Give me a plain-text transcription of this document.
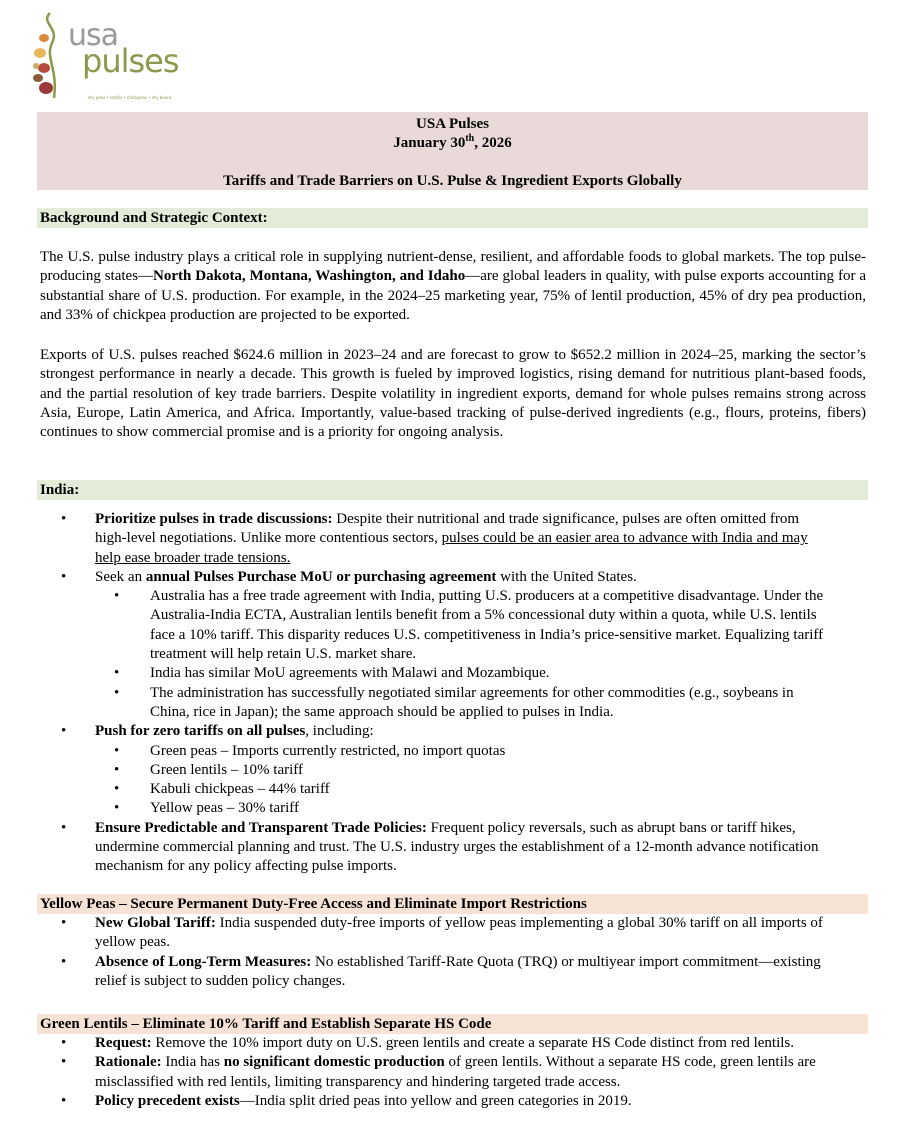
usa
pulses
dry peas • lentils • chickpeas • dry beans
USA Pulses
January 30th, 2026
Tariffs and Trade Barriers on U.S. Pulse & Ingredient Exports Globally
Background and Strategic Context:
The U.S. pulse industry plays a critical role in supplying nutrient-dense, resilient, and affordable foods to global markets. The top pulse-producing states—North Dakota, Montana, Washington, and Idaho—are global leaders in quality, with pulse exports accounting for a substantial share of U.S. production. For example, in the 2024–25 marketing year, 75% of lentil production, 45% of dry pea production, and 33% of chickpea production are projected to be exported.
Exports of U.S. pulses reached $624.6 million in 2023–24 and are forecast to grow to $652.2 million in 2024–25, marking the sector’s strongest performance in nearly a decade. This growth is fueled by improved logistics, rising demand for nutritious plant-based foods, and the partial resolution of key trade barriers. Despite volatility in ingredient exports, demand for whole pulses remains strong across Asia, Europe, Latin America, and Africa. Importantly, value-based tracking of pulse-derived ingredients (e.g., flours, proteins, fibers) continues to show commercial promise and is a priority for ongoing analysis.
India:
• Prioritize pulses in trade discussions: Despite their nutritional and trade significance, pulses are often omitted from high-level negotiations. Unlike more contentious sectors, pulses could be an easier area to advance with India and may help ease broader trade tensions.
• Seek an annual Pulses Purchase MoU or purchasing agreement with the United States.
• Australia has a free trade agreement with India, putting U.S. producers at a competitive disadvantage. Under the Australia-India ECTA, Australian lentils benefit from a 5% concessional duty within a quota, while U.S. lentils face a 10% tariff. This disparity reduces U.S. competitiveness in India’s price-sensitive market. Equalizing tariff treatment will help retain U.S. market share.
• India has similar MoU agreements with Malawi and Mozambique.
• The administration has successfully negotiated similar agreements for other commodities (e.g., soybeans in China, rice in Japan); the same approach should be applied to pulses in India.
• Push for zero tariffs on all pulses, including:
• Green peas – Imports currently restricted, no import quotas
• Green lentils – 10% tariff
• Kabuli chickpeas – 44% tariff
• Yellow peas – 30% tariff
• Ensure Predictable and Transparent Trade Policies: Frequent policy reversals, such as abrupt bans or tariff hikes, undermine commercial planning and trust. The U.S. industry urges the establishment of a 12-month advance notification mechanism for any policy affecting pulse imports.
Yellow Peas – Secure Permanent Duty-Free Access and Eliminate Import Restrictions
• New Global Tariff: India suspended duty-free imports of yellow peas implementing a global 30% tariff on all imports of yellow peas.
• Absence of Long-Term Measures: No established Tariff-Rate Quota (TRQ) or multiyear import commitment—existing relief is subject to sudden policy changes.
Green Lentils – Eliminate 10% Tariff and Establish Separate HS Code
• Request: Remove the 10% import duty on U.S. green lentils and create a separate HS Code distinct from red lentils.
• Rationale: India has no significant domestic production of green lentils. Without a separate HS code, green lentils are misclassified with red lentils, limiting transparency and hindering targeted trade access.
• Policy precedent exists—India split dried peas into yellow and green categories in 2019.
